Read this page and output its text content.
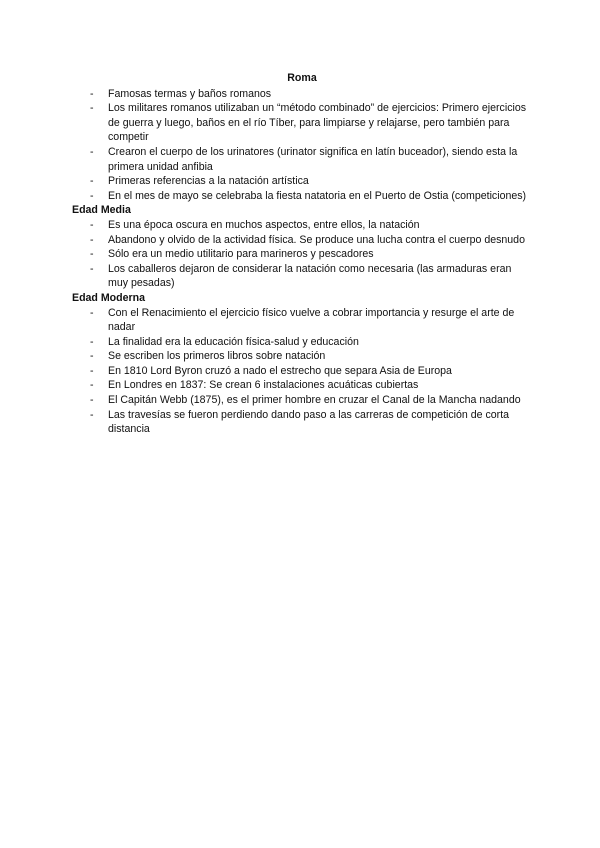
Roma
- Famosas termas y baños romanos
- Los militares romanos utilizaban un “método combinado” de ejercicios: Primero ejercicios de guerra y luego, baños en el río Tíber, para limpiarse y relajarse, pero también para competir
- Crearon el cuerpo de los urinatores (urinator significa en latín buceador), siendo esta la primera unidad anfibia
- Primeras referencias a la natación artística
- En el mes de mayo se celebraba la fiesta natatoria en el Puerto de Ostia (competiciones)
Edad Media
- Es una época oscura en muchos aspectos, entre ellos, la natación
- Abandono y olvido de la actividad física. Se produce una lucha contra el cuerpo desnudo
- Sólo era un medio utilitario para marineros y pescadores
- Los caballeros dejaron de considerar la natación como necesaria (las armaduras eran muy pesadas)
Edad Moderna
- Con el Renacimiento el ejercicio físico vuelve a cobrar importancia y resurge el arte de nadar
- La finalidad era la educación física-salud y educación
- Se escriben los primeros libros sobre natación
- En 1810 Lord Byron cruzó a nado el estrecho que separa Asia de Europa
- En Londres en 1837: Se crean 6 instalaciones acuáticas cubiertas
- El Capitán Webb (1875), es el primer hombre en cruzar el Canal de la Mancha nadando
- Las travesías se fueron perdiendo dando paso a las carreras de competición de corta distancia
